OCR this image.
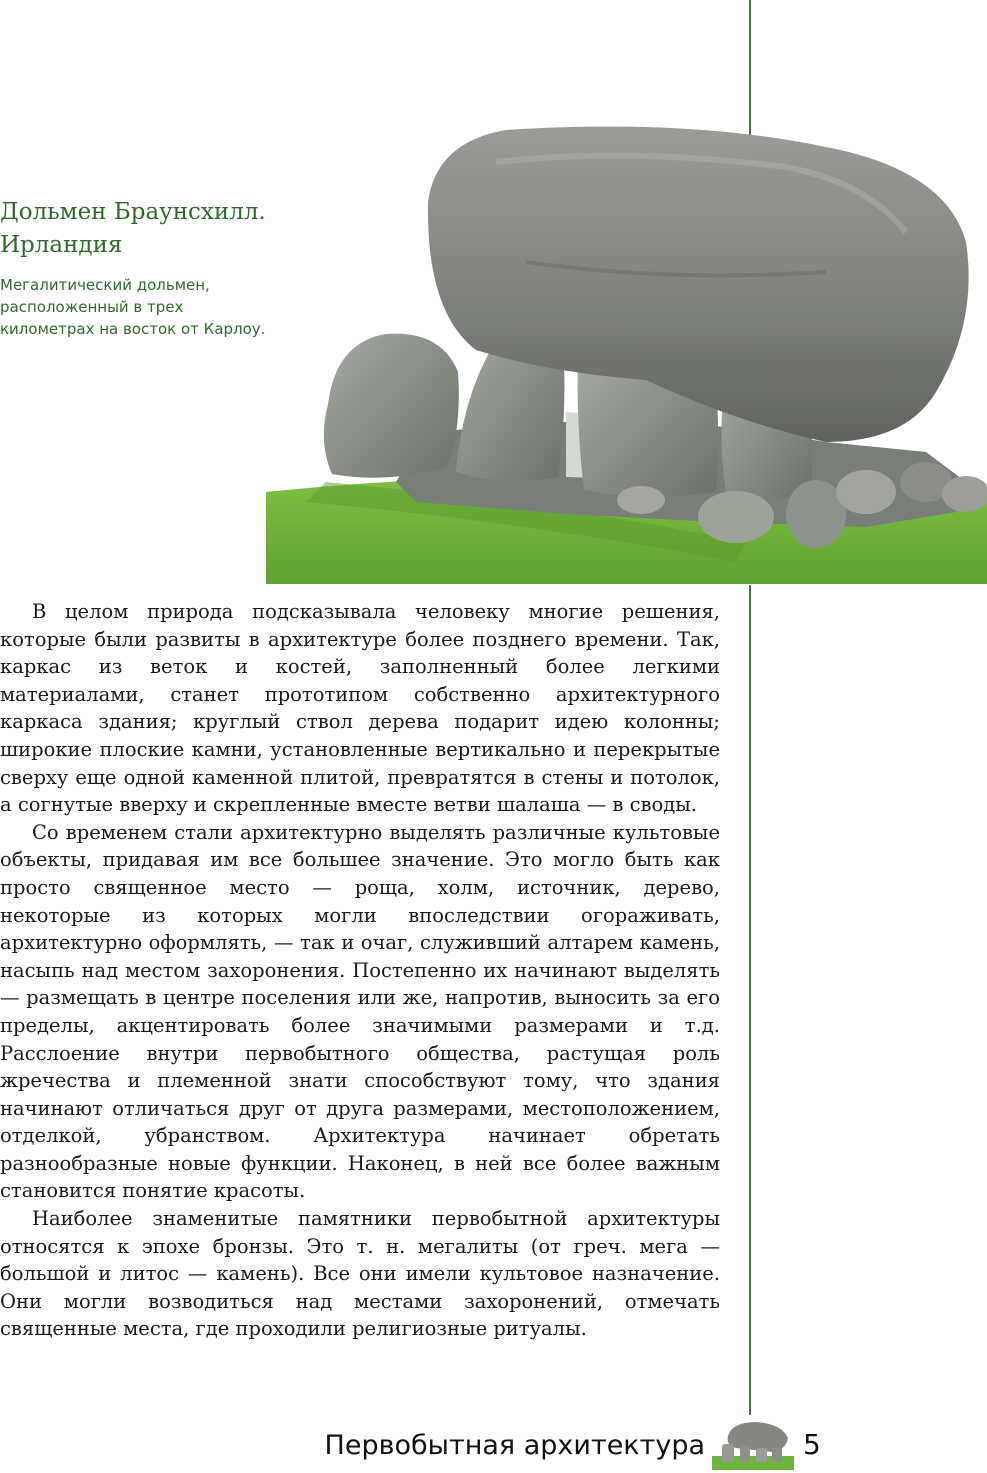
Дольмен Браунсхилл. Ирландия

Мегалитический дольмен, расположенный в трех километрах на восток от Карлоу.

В целом природа подсказывала человеку многие решения, которые были развиты в архитектуре более позднего времени. Так, каркас из веток и костей, заполненный более легкими материалами, станет прототипом собственно архитектурного каркаса здания; круглый ствол дерева подарит идею колонны; широкие плоские камни, установленные вертикально и перекрытые сверху еще одной каменной плитой, превратятся в стены и потолок, а согнутые вверху и скрепленные вместе ветви шалаша — в своды.

Со временем стали архитектурно выделять различные культовые объекты, придавая им все большее значение. Это могло быть как просто священное место — роща, холм, источник, дерево, некоторые из которых могли впоследствии огораживать, архитектурно оформлять, — так и очаг, служивший алтарем камень, насыпь над местом захоронения. Постепенно их начинают выделять — размещать в центре поселения или же, напротив, выносить за его пределы, акцентировать более значимыми размерами и т.д. Расслоение внутри первобытного общества, растущая роль жречества и племенной знати способствуют тому, что здания начинают отличаться друг от друга размерами, местоположением, отделкой, убранством. Архитектура начинает обретать разнообразные новые функции. Наконец, в ней все более важным становится понятие красоты.

Наиболее знаменитые памятники первобытной архитектуры относятся к эпохе бронзы. Это т. н. мегалиты (от греч. мега — большой и литос — камень). Все они имели культовое назначение. Они могли возводиться над местами захоронений, отмечать священные места, где проходили религиозные ритуалы.

Первобытная архитектура	5
